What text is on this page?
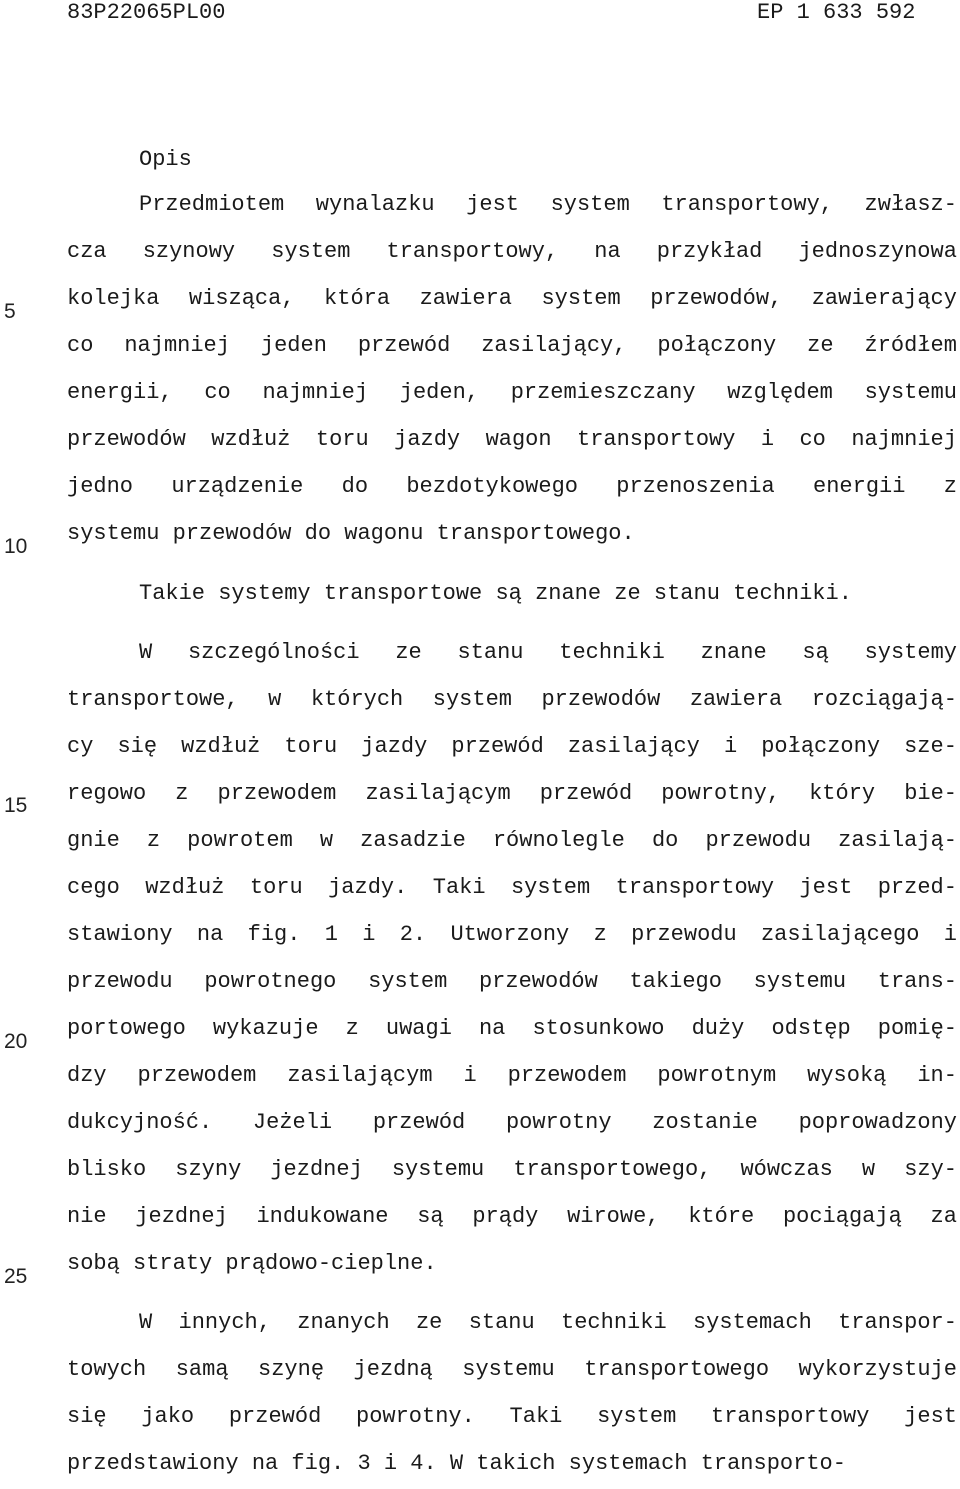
83P22065PL00	EP 1 633 592
5
10
15
20
25
Opis
Przedmiotem wynalazku jest system transportowy, zwłasz-
cza szynowy system transportowy, na przykład jednoszynowa
kolejka wisząca, która zawiera system przewodów, zawierający
co najmniej jeden przewód zasilający, połączony ze źródłem
energii, co najmniej jeden, przemieszczany względem systemu
przewodów wzdłuż toru jazdy wagon transportowy i co najmniej
jedno urządzenie do bezdotykowego przenoszenia energii z
systemu przewodów do wagonu transportowego.
Takie systemy transportowe są znane ze stanu techniki.
W szczególności ze stanu techniki znane są systemy
transportowe, w których system przewodów zawiera rozciągają-
cy się wzdłuż toru jazdy przewód zasilający i połączony sze-
regowo z przewodem zasilającym przewód powrotny, który bie-
gnie z powrotem w zasadzie równolegle do przewodu zasilają-
cego wzdłuż toru jazdy. Taki system transportowy jest przed-
stawiony na fig. 1 i 2. Utworzony z przewodu zasilającego i
przewodu powrotnego system przewodów takiego systemu trans-
portowego wykazuje z uwagi na stosunkowo duży odstęp pomię-
dzy przewodem zasilającym i przewodem powrotnym wysoką in-
dukcyjność. Jeżeli przewód powrotny zostanie poprowadzony
blisko szyny jezdnej systemu transportowego, wówczas w szy-
nie jezdnej indukowane są prądy wirowe, które pociągają za
sobą straty prądowo-cieplne.
W innych, znanych ze stanu techniki systemach transpor-
towych samą szynę jezdną systemu transportowego wykorzystuje
się jako przewód powrotny. Taki system transportowy jest
przedstawiony na fig. 3 i 4. W takich systemach transporto-
